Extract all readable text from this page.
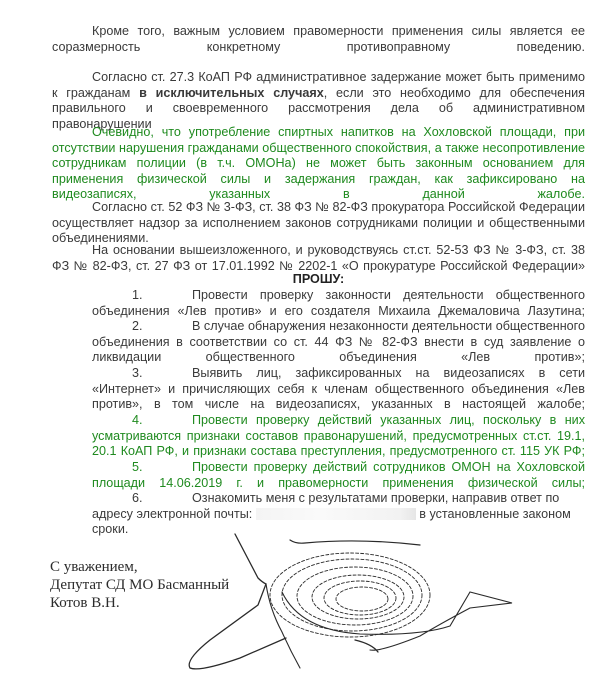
Кроме того, важным условием правомерности применения силы является ее соразмерность конкретному противоправному поведению.

Согласно ст. 27.3 КоАП РФ административное задержание может быть применимо к гражданам в исключительных случаях, если это необходимо для обеспечения правильного и своевременного рассмотрения дела об административном правонарушении

Очевидно, что употребление спиртных напитков на Хохловской площади, при отсутствии нарушения гражданами общественного спокойствия, а также несопротивление сотрудникам полиции (в т.ч. ОМОНа) не может быть законным основанием для применения физической силы и задержания граждан, как зафиксировано на видеозаписях, указанных в данной жалобе.

Согласно ст. 52 ФЗ № 3-ФЗ, ст. 38 ФЗ № 82-ФЗ прокуратора Российской Федерации осуществляет надзор за исполнением законов сотрудниками полиции и общественными объединениями.

На основании вышеизложенного, и руководствуясь ст.ст. 52-53 ФЗ № 3-ФЗ, ст. 38 ФЗ № 82-ФЗ, ст. 27 ФЗ от 17.01.1992 № 2202-1 «О прокуратуре Российской Федерации»

ПРОШУ:

1.	Провести проверку законности деятельности общественного объединения «Лев против» и его создателя Михаила Джемаловича Лазутина;

2.	В случае обнаружения незаконности деятельности общественного объединения в соответствии со ст. 44 ФЗ № 82-ФЗ внести в суд заявление о ликвидации общественного объединения «Лев против»;

3.	Выявить лиц, зафиксированных на видеозаписях в сети «Интернет» и причисляющих себя к членам общественного объединения «Лев против», в том числе на видеозаписях, указанных в настоящей жалобе;

4.	Провести проверку действий указанных лиц, поскольку в них усматриваются признаки составов правонарушений, предусмотренных ст.ст. 19.1, 20.1 КоАП РФ, и признаки состава преступления, предусмотренного ст. 115 УК РФ;

5.	Провести проверку действий сотрудников ОМОН на Хохловской площади 14.06.2019 г. и правомерности применения физической силы;

6.	Ознакомить меня с результатами проверки, направив ответ по адресу электронной почты:	в установленные законом сроки.

С уважением,
Депутат СД МО Басманный
Котов В.Н.
